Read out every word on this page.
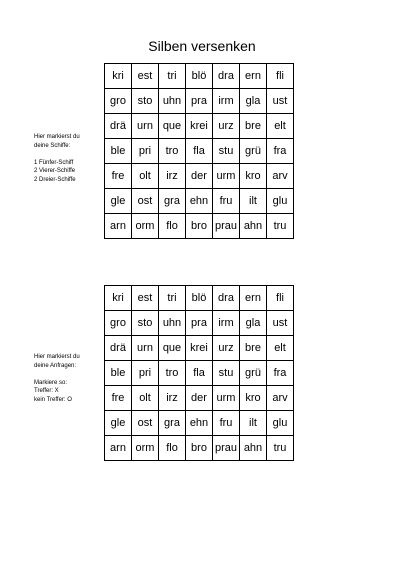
Silben versenken
Hier markierst du
deine Schiffe:
1 Fünfer-Schiff
2 Vierer-Schiffe
2 Dreier-Schiffe
Hier markierst du
deine Anfragen:
Markiere so:
Treffer: X
kein Treffer: O
kri	est	tri	blö	dra	ern	fli
gro	sto	uhn	pra	irm	gla	ust
drä	urn	que	krei	urz	bre	elt
ble	pri	tro	fla	stu	grü	fra
fre	olt	irz	der	urm	kro	arv
gle	ost	gra	ehn	fru	ilt	glu
arn	orm	flo	bro	prau	ahn	tru
kri	est	tri	blö	dra	ern	fli
gro	sto	uhn	pra	irm	gla	ust
drä	urn	que	krei	urz	bre	elt
ble	pri	tro	fla	stu	grü	fra
fre	olt	irz	der	urm	kro	arv
gle	ost	gra	ehn	fru	ilt	glu
arn	orm	flo	bro	prau	ahn	tru
